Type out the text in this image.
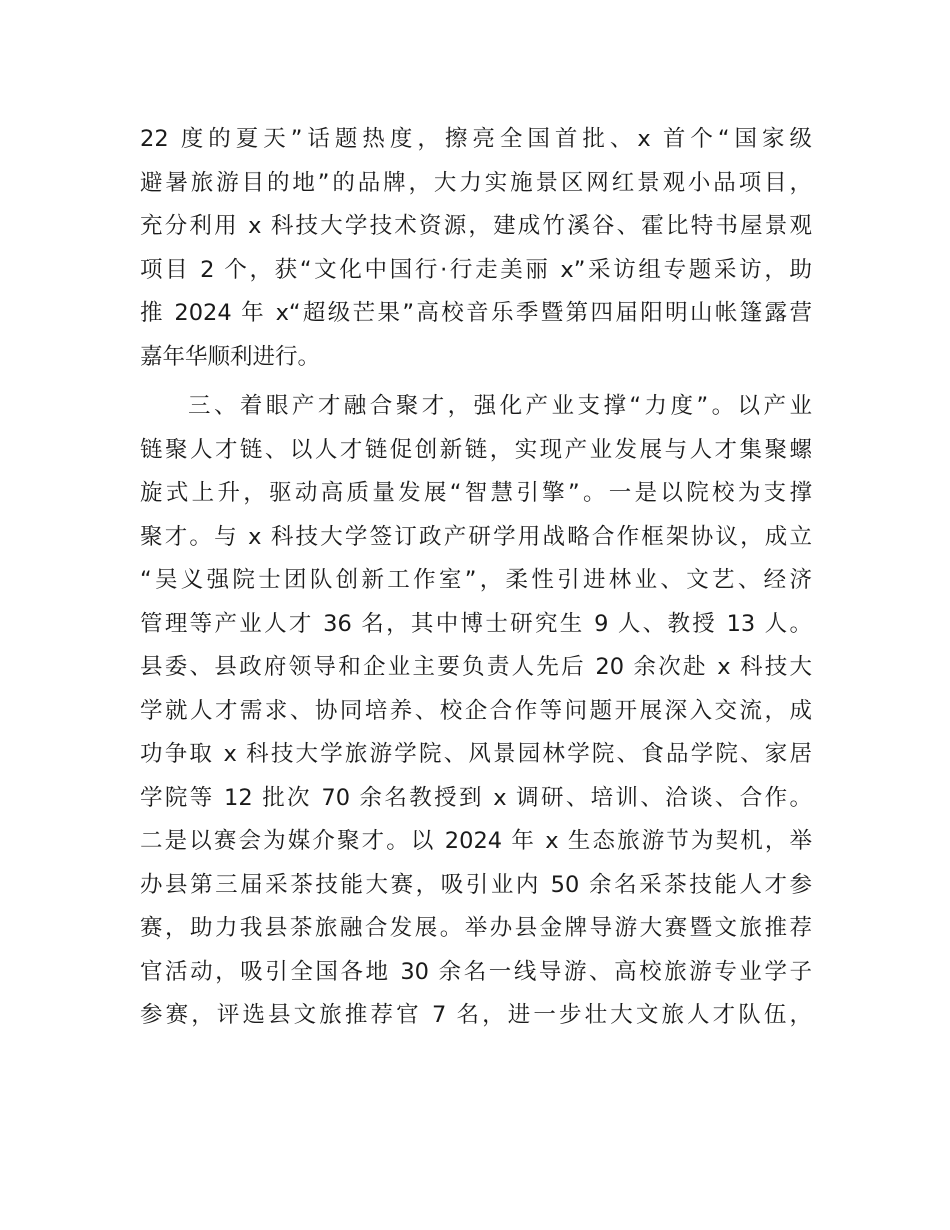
22 度的夏天”话题热度，擦亮全国首批、x 首个“国家级
避暑旅游目的地”的品牌，大力实施景区网红景观小品项目，
充分利用 x 科技大学技术资源，建成竹溪谷、霍比特书屋景观
项目 2 个，获“文化中国行·行走美丽 x”采访组专题采访，助
推 2024 年 x“超级芒果”高校音乐季暨第四届阳明山帐篷露营
嘉年华顺利进行。

三、着眼产才融合聚才，强化产业支撑“力度”。以产业
链聚人才链、以人才链促创新链，实现产业发展与人才集聚螺
旋式上升，驱动高质量发展“智慧引擎”。一是以院校为支撑
聚才。与 x 科技大学签订政产研学用战略合作框架协议，成立
“吴义强院士团队创新工作室”，柔性引进林业、文艺、经济
管理等产业人才 36 名，其中博士研究生 9 人、教授 13 人。
县委、县政府领导和企业主要负责人先后 20 余次赴 x 科技大
学就人才需求、协同培养、校企合作等问题开展深入交流，成
功争取 x 科技大学旅游学院、风景园林学院、食品学院、家居
学院等 12 批次 70 余名教授到 x 调研、培训、洽谈、合作。
二是以赛会为媒介聚才。以 2024 年 x 生态旅游节为契机，举
办县第三届采茶技能大赛，吸引业内 50 余名采茶技能人才参
赛，助力我县茶旅融合发展。举办县金牌导游大赛暨文旅推荐
官活动，吸引全国各地 30 余名一线导游、高校旅游专业学子
参赛，评选县文旅推荐官 7 名，进一步壮大文旅人才队伍，
